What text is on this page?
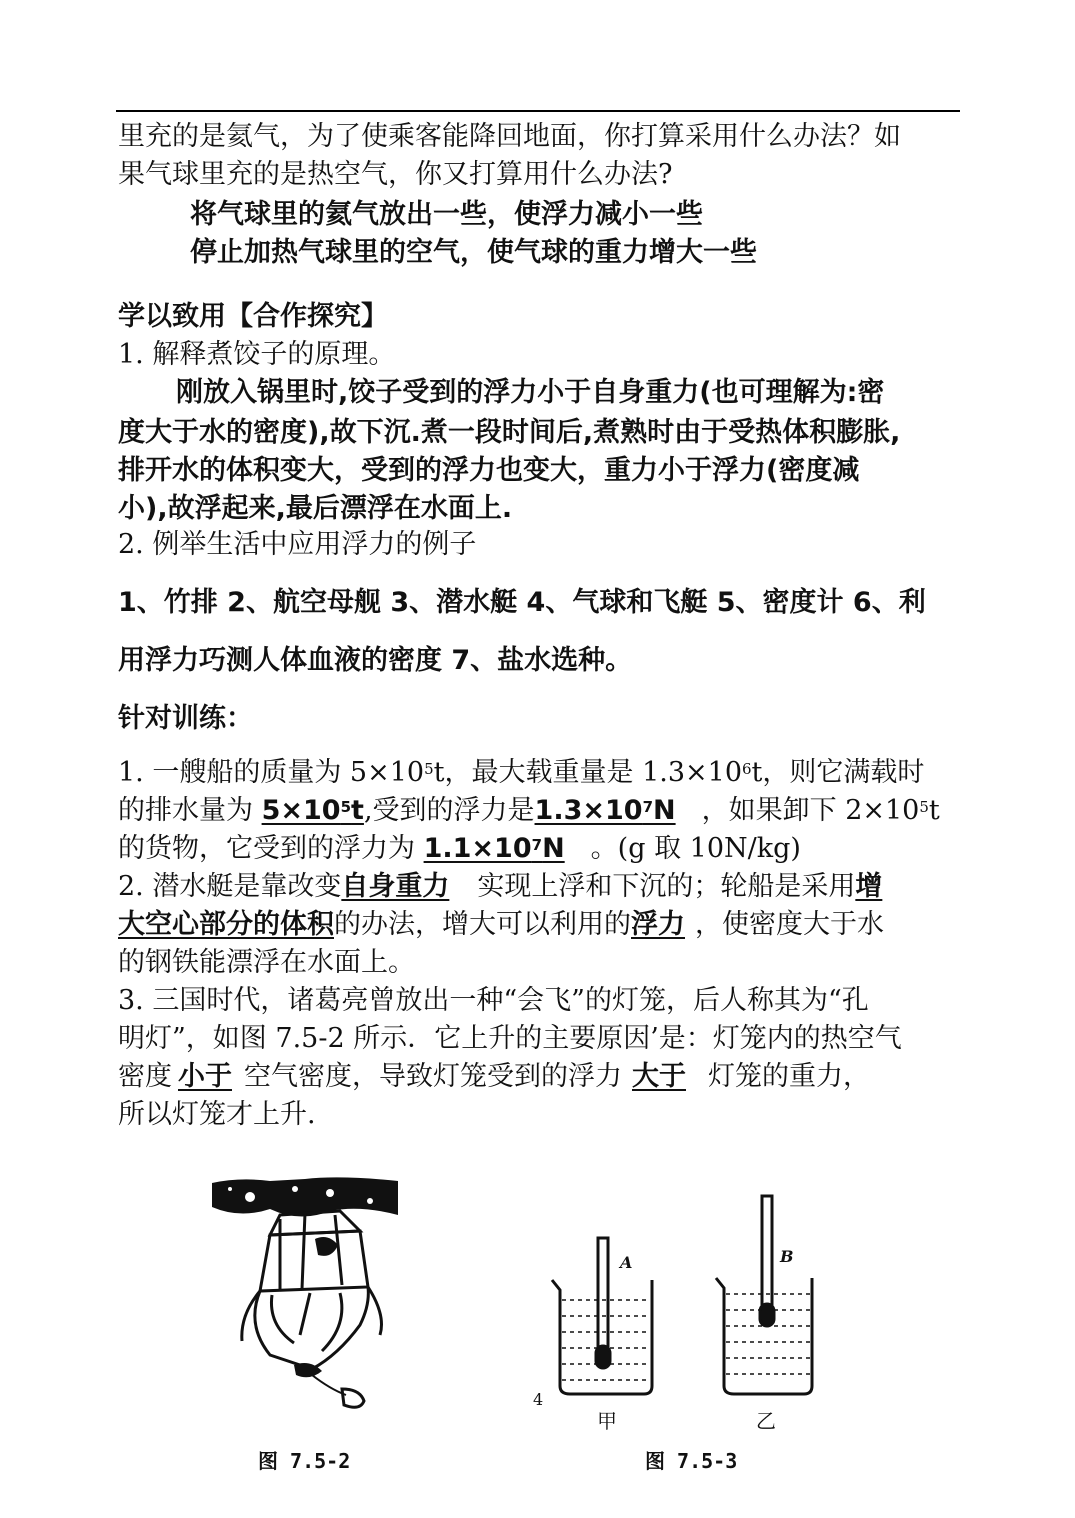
里充的是氦气，为了使乘客能降回地面，你打算采用什么办法？如
果气球里充的是热空气，你又打算用什么办法?
将气球里的氦气放出一些，使浮力减小一些
停止加热气球里的空气，使气球的重力增大一些
学以致用【合作探究】
1. 解释煮饺子的原理。
刚放入锅里时,饺子受到的浮力小于自身重力(也可理解为:密
度大于水的密度),故下沉.煮一段时间后,煮熟时由于受热体积膨胀,
排开水的体积变大，受到的浮力也变大，重力小于浮力(密度减
小),故浮起来,最后漂浮在水面上.
2. 例举生活中应用浮力的例子
1、竹排 2、航空母舰 3、潜水艇 4、气球和飞艇 5、密度计 6、利
用浮力巧测人体血液的密度 7、盐水选种。
针对训练：
1. 一艘船的质量为 $5\times 10^5t$，最大载重量是 $1.3\times 10^6t$，则它满载时
的排水量为 $5\times 10^5t$,受到的浮力是$1.3\times 10^7N$ ，如果卸下 $2\times 10^5t$
的货物，它受到的浮力为 $1.1\times 10^7N$ 。(g 取 10N/kg)
2. 潜水艇是靠改变自身重力 实现上浮和下沉的；轮船是采用增
大空心部分的体积的办法，增大可以利用的浮力 ，使密度大于水
的钢铁能漂浮在水面上。
3. 三国时代，诸葛亮曾放出一种“会飞”的灯笼，后人称其为“孔
明灯”，如图 7.5-2 所示．它上升的主要原因’是：灯笼内的热空气
密度小于 空气密度，导致灯笼受到的浮力大于 灯笼的重力，
所以灯笼才上升.
图 7.5-2
A	B
甲	乙
4
图 7.5-3
